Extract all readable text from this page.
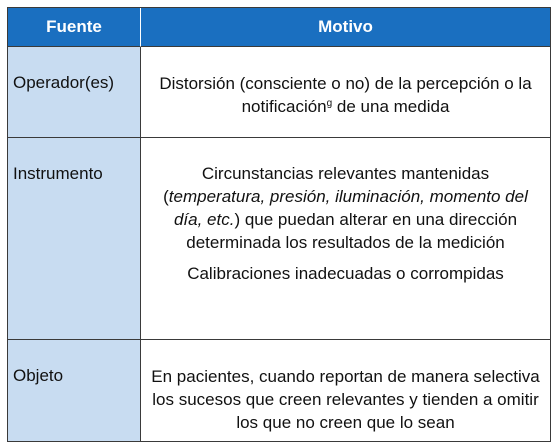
Fuente	Motivo
Operador(es)	Distorsión (consciente o no) de la percepción o la notificación$^g$ de una medida
Instrumento	Circunstancias relevantes mantenidas (temperatura, presión, iluminación, momento del día, etc.) que puedan alterar en una dirección determinada los resultados de la medición
Calibraciones inadecuadas o corrompidas
Objeto	En pacientes, cuando reportan de manera selectiva los sucesos que creen relevantes y tienden a omitir los que no creen que lo sean
